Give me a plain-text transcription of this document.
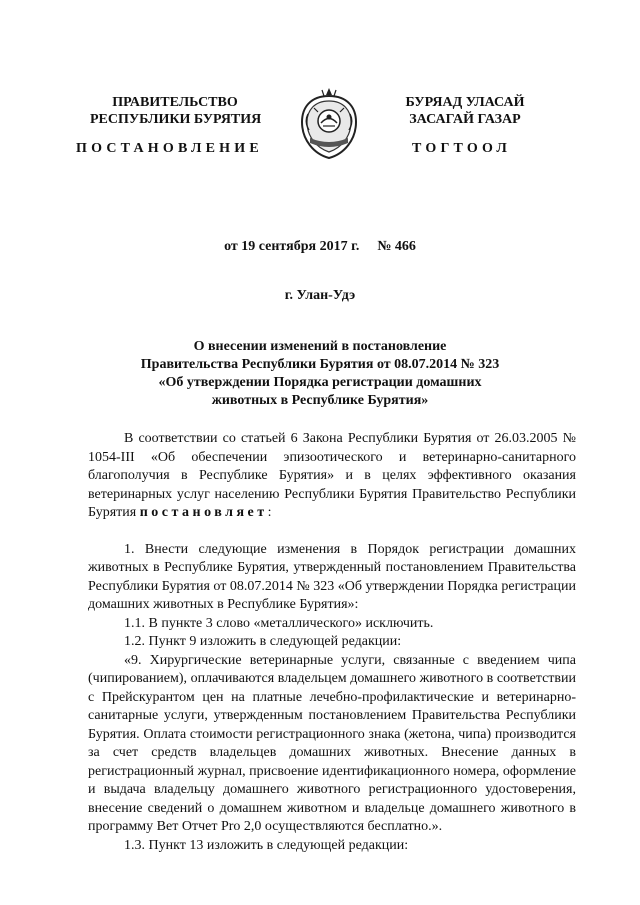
ПРАВИТЕЛЬСТВО
РЕСПУБЛИКИ БУРЯТИЯ
ПОСТАНОВЛЕНИЕ
БУРЯАД УЛАСАЙ
ЗАСАГАЙ ГАЗАР
ТОГТООЛ
от 19 сентября 2017 г. № 466
г. Улан-Удэ
О внесении изменений в постановление
Правительства Республики Бурятия от 08.07.2014 № 323
«Об утверждении Порядка регистрации домашних
животных в Республике Бурятия»

В соответствии со статьей 6 Закона Республики Бурятия от 26.03.2005 № 1054-III «Об обеспечении эпизоотического и ветеринарно-санитарного благополучия в Республике Бурятия» и в целях эффективного оказания ветеринарных услуг населению Республики Бурятия Правительство Республики Бурятия постановляет:

1. Внести следующие изменения в Порядок регистрации домашних животных в Республике Бурятия, утвержденный постановлением Правительства Республики Бурятия от 08.07.2014 № 323 «Об утверждении Порядка регистрации домашних животных в Республике Бурятия»:

1.1. В пункте 3 слово «металлического» исключить.

1.2. Пункт 9 изложить в следующей редакции:

«9. Хирургические ветеринарные услуги, связанные с введением чипа (чипированием), оплачиваются владельцем домашнего животного в соответствии с Прейскурантом цен на платные лечебно-профилактические и ветеринарно-санитарные услуги, утвержденным постановлением Правительства Республики Бурятия. Оплата стоимости регистрационного знака (жетона, чипа) производится за счет средств владельцев домашних животных. Внесение данных в регистрационный журнал, присвоение идентификационного номера, оформление и выдача владельцу домашнего животного регистрационного удостоверения, внесение сведений о домашнем животном и владельце домашнего животного в программу Вет Отчет Pro 2,0 осуществляются бесплатно.».

1.3. Пункт 13 изложить в следующей редакции:
